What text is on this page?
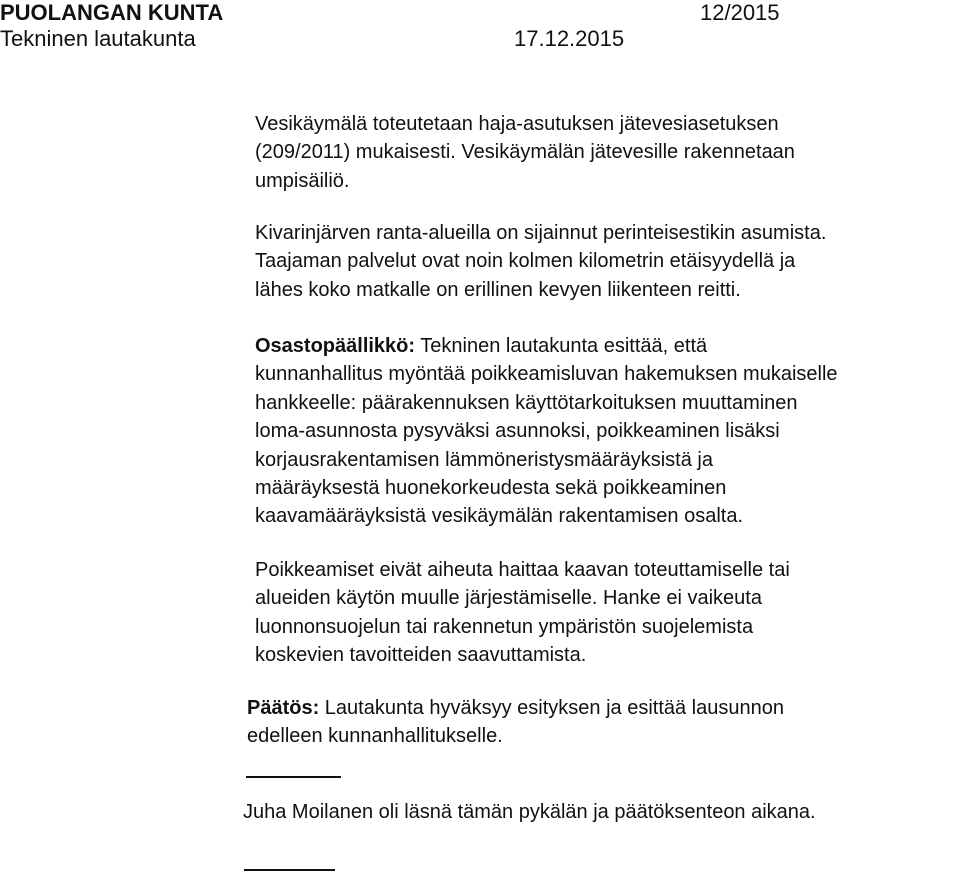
PUOLANGAN KUNTA	12/2015
Tekninen lautakunta	17.12.2015
Vesikäymälä toteutetaan haja-asutuksen jätevesiasetuksen
(209/2011) mukaisesti. Vesikäymälän jätevesille rakennetaan
umpisäiliö.
Kivarinjärven ranta-alueilla on sijainnut perinteisestikin asumista.
Taajaman palvelut ovat noin kolmen kilometrin etäisyydellä ja
lähes koko matkalle on erillinen kevyen liikenteen reitti.
Osastopäällikkö: Tekninen lautakunta esittää, että
kunnanhallitus myöntää poikkeamisluvan hakemuksen mukaiselle
hankkeelle: päärakennuksen käyttötarkoituksen muuttaminen
loma-asunnosta pysyväksi asunnoksi, poikkeaminen lisäksi
korjausrakentamisen lämmöneristysmääräyksistä ja
määräyksestä huonekorkeudesta sekä poikkeaminen
kaavamääräyksistä vesikäymälän rakentamisen osalta.
Poikkeamiset eivät aiheuta haittaa kaavan toteuttamiselle tai
alueiden käytön muulle järjestämiselle. Hanke ei vaikeuta
luonnonsuojelun tai rakennetun ympäristön suojelemista
koskevien tavoitteiden saavuttamista.
Päätös: Lautakunta hyväksyy esityksen ja esittää lausunnon
edelleen kunnanhallitukselle.
Juha Moilanen oli läsnä tämän pykälän ja päätöksenteon aikana.
